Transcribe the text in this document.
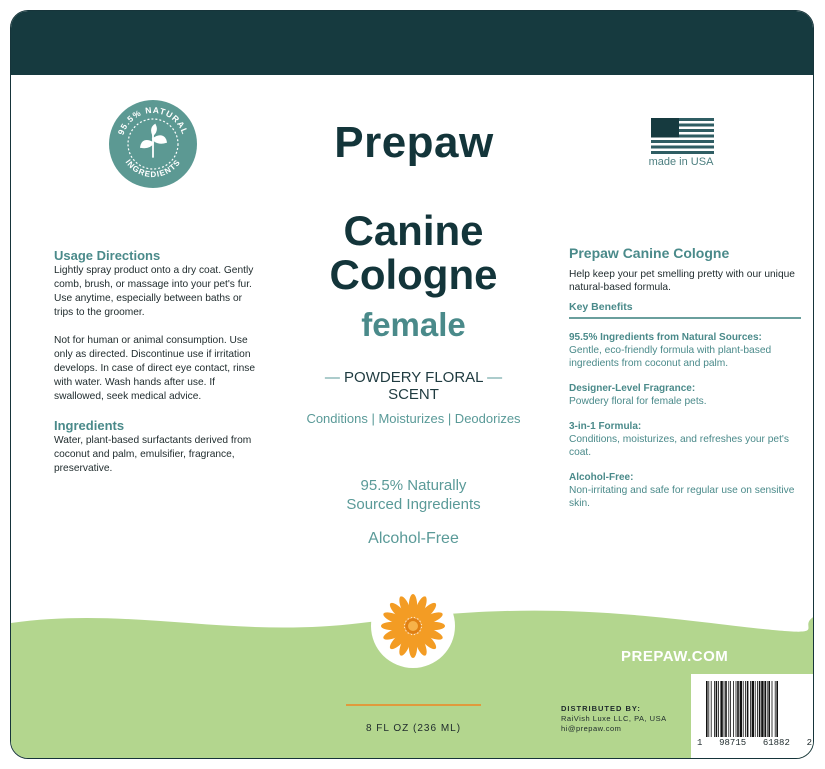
95.5% NATURAL
INGREDIENTS	made in USA
Prepaw
Canine
Cologne
female
— POWDERY FLORAL —
SCENT
Conditions | Moisturizes | Deodorizes
95.5% Naturally
Sourced Ingredients
Alcohol-Free
Usage Directions

Lightly spray product onto a dry coat. Gently comb, brush, or massage into your pet's fur. Use anytime, especially between baths or trips to the groomer.

Not for human or animal consumption. Use only as directed. Discontinue use if irritation develops. In case of direct eye contact, rinse with water. Wash hands after use. If swallowed, seek medical advice.

Ingredients

Water, plant-based surfactants derived from coconut and palm, emulsifier, fragrance, preservative.

Prepaw Canine Cologne
Help keep your pet smelling pretty with our unique natural-based formula.
Key Benefits
95.5% Ingredients from Natural Sources:
Gentle, eco-friendly formula with plant-based ingredients from coconut and palm.
Designer-Level Fragrance:
Powdery floral for female pets.
3-in-1 Formula:
Conditions, moisturizes, and refreshes your pet's coat.
Alcohol-Free:
Non-irritating and safe for regular use on sensitive skin.
PREPAW.COM
8 FL OZ (236 ML)
DISTRIBUTED BY:
RaiVish Luxe LLC, PA, USA
hi@prepaw.com
1 98715 61882 2
